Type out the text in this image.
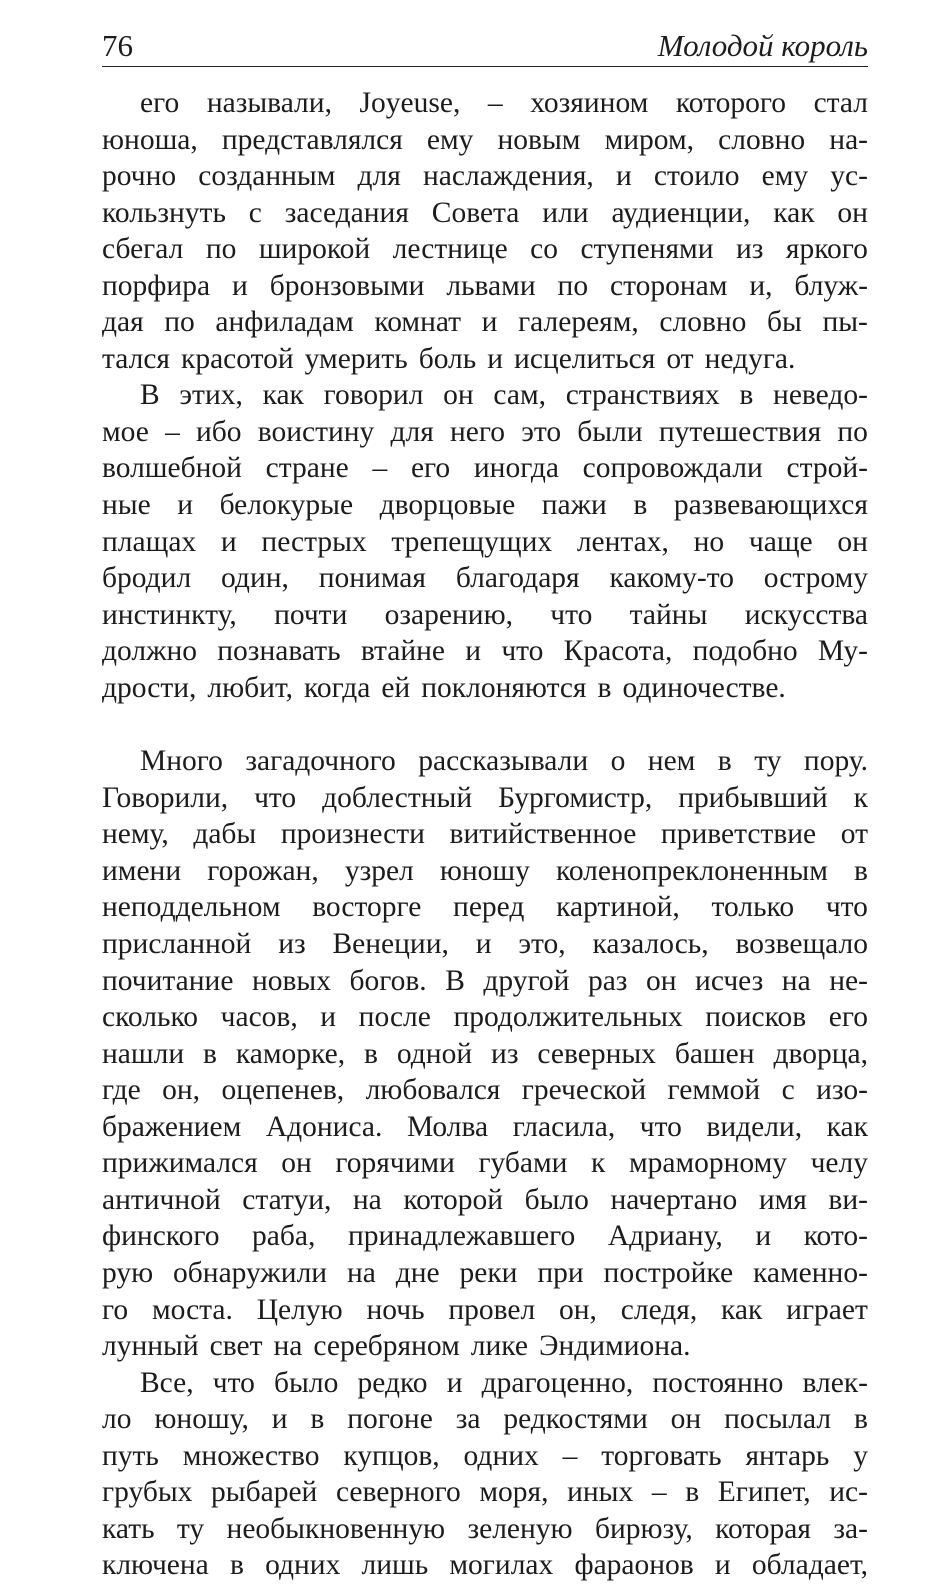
76	Молодой король
его называли, Joyeuse, – хозяином которого стал
юноша, представлялся ему новым миром, словно на-
рочно созданным для наслаждения, и стоило ему ус-
кользнуть с заседания Совета или аудиенции, как он
сбегал по широкой лестнице со ступенями из яркого
порфира и бронзовыми львами по сторонам и, блуж-
дая по анфиладам комнат и галереям, словно бы пы-
тался красотой умерить боль и исцелиться от недуга.
В этих, как говорил он сам, странствиях в неведо-
мое – ибо воистину для него это были путешествия по
волшебной стране – его иногда сопровождали строй-
ные и белокурые дворцовые пажи в развевающихся
плащах и пестрых трепещущих лентах, но чаще он
бродил один, понимая благодаря какому-то острому
инстинкту, почти озарению, что тайны искусства
должно познавать втайне и что Красота, подобно Му-
дрости, любит, когда ей поклоняются в одиночестве.
Много загадочного рассказывали о нем в ту пору.
Говорили, что доблестный Бургомистр, прибывший к
нему, дабы произнести витийственное приветствие от
имени горожан, узрел юношу коленопреклоненным в
неподдельном восторге перед картиной, только что
присланной из Венеции, и это, казалось, возвещало
почитание новых богов. В другой раз он исчез на не-
сколько часов, и после продолжительных поисков его
нашли в каморке, в одной из северных башен дворца,
где он, оцепенев, любовался греческой геммой с изо-
бражением Адониса. Молва гласила, что видели, как
прижимался он горячими губами к мраморному челу
античной статуи, на которой было начертано имя ви-
финского раба, принадлежавшего Адриану, и кото-
рую обнаружили на дне реки при постройке каменно-
го моста. Целую ночь провел он, следя, как играет
лунный свет на серебряном лике Эндимиона.
Все, что было редко и драгоценно, постоянно влек-
ло юношу, и в погоне за редкостями он посылал в
путь множество купцов, одних – торговать янтарь у
грубых рыбарей северного моря, иных – в Египет, ис-
кать ту необыкновенную зеленую бирюзу, которая за-
ключена в одних лишь могилах фараонов и обладает,
